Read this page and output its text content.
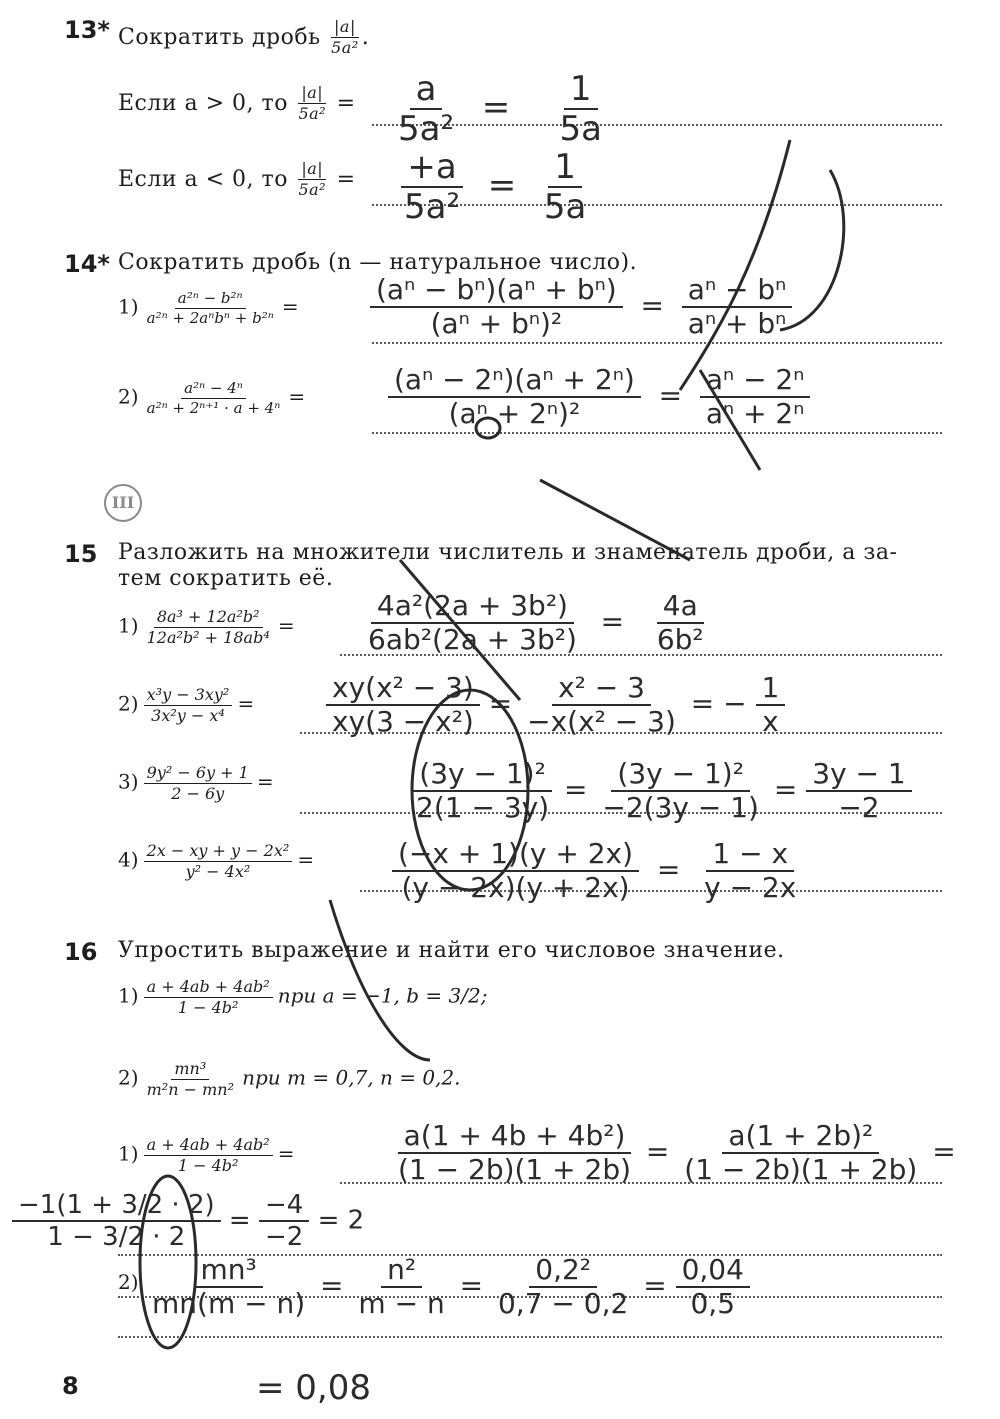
13* Сократить дробь $\frac{|a|}{\text{5a²}}$ .
Если a > 0, то $\frac{|a|}{\text{5a²}} = \frac{a}{\text{5a²}} = \frac{1}{5a}$
Если a < 0, то $\frac{|a|}{\text{5a²}} = \frac{+a}{\text{5a²}} = \frac{1}{5a}$
14* Сократить дробь (n — натуральное число).
$1) \frac{\text{a²ⁿ − b²ⁿ}}{\text{a²ⁿ + 2aⁿbⁿ + b²ⁿ}}$ =	$\frac{\text{(aⁿ − bⁿ)(aⁿ + bⁿ)}}{\text{(aⁿ + bⁿ)²}} = \frac{\text{aⁿ − bⁿ}}{\text{aⁿ + bⁿ}}$
$2) \frac{\text{a²ⁿ − 4ⁿ}}{\text{a²ⁿ + 2ⁿ⁺¹ · a + 4ⁿ}}$ =	$\frac{\text{(aⁿ − 2ⁿ)(aⁿ + 2ⁿ)}}{\text{(aⁿ + 2ⁿ)²}} = \frac{\text{aⁿ − 2ⁿ}}{\text{aⁿ + 2ⁿ}}$
III
15 Разложить на множители числитель и знаменатель дроби, а за-
тем сократить её.
$1) \frac{\text{8a³ + 12a²b²}}{\text{12a²b² + 18ab⁴}} = \frac{\text{4a²(2a + 3b²)}}{\text{6ab²(2a + 3b²)}} = \frac{4a}{\text{6b²}}$
$2) \frac{\text{x³y − 3xy²}}{\text{3x²y − x⁴}}$ =	$\frac{\text{xy(x² − 3)}}{\text{xy(3 − x²)}} = \frac{\text{x² − 3}}{\text{−x(x² − 3)}}$ = − $\frac{1}{x}$
$3) \frac{\text{9y² − 6y + 1}}{2 - 6y}$ =	$\frac{\text{(3y − 1)²}}{2(1 - 3y)} = \frac{\text{(3y − 1)²}}{-2(3y - 1)} = \frac{3y - 1}{-2}$
$4) \frac{\text{2x − xy + y − 2x²}}{\text{y² − 4x²}}$ =	$\frac{(-x + 1)(y + 2x)}{(y - 2x)(y + 2x)} = \frac{1 - x}{y - 2x}$
16 Упростить выражение и найти его числовое значение.
$1) \frac{\text{a + 4ab + 4ab²}}{\text{1 − 4b²}}$ при a = −1, b = 3/2;
$2) \frac{\text{mn³}}{\text{m²n − mn²}}$ при m = 0,7, n = 0,2.
$1) \frac{\text{a + 4ab + 4ab²}}{\text{1 − 4b²}}$ =	$\frac{\text{a(1 + 4b + 4b²)}}{(1 - 2b)(1 + 2b)} = \frac{\text{a(1 + 2b)²}}{(1 - 2b)(1 + 2b)}$ =
$\frac{-1(1 + 3/2 \cdot 2)}{1 - 3/2 \cdot 2} = \frac{-4}{-2} = 2$
$2) \frac{\text{mn³}}{mn(m - n)} = \frac{\text{n²}}{m - n} = \frac{\text{0,2²}}{0,7 - 0,2} = \frac{0,04}{0,5}$
= 0,08
8
